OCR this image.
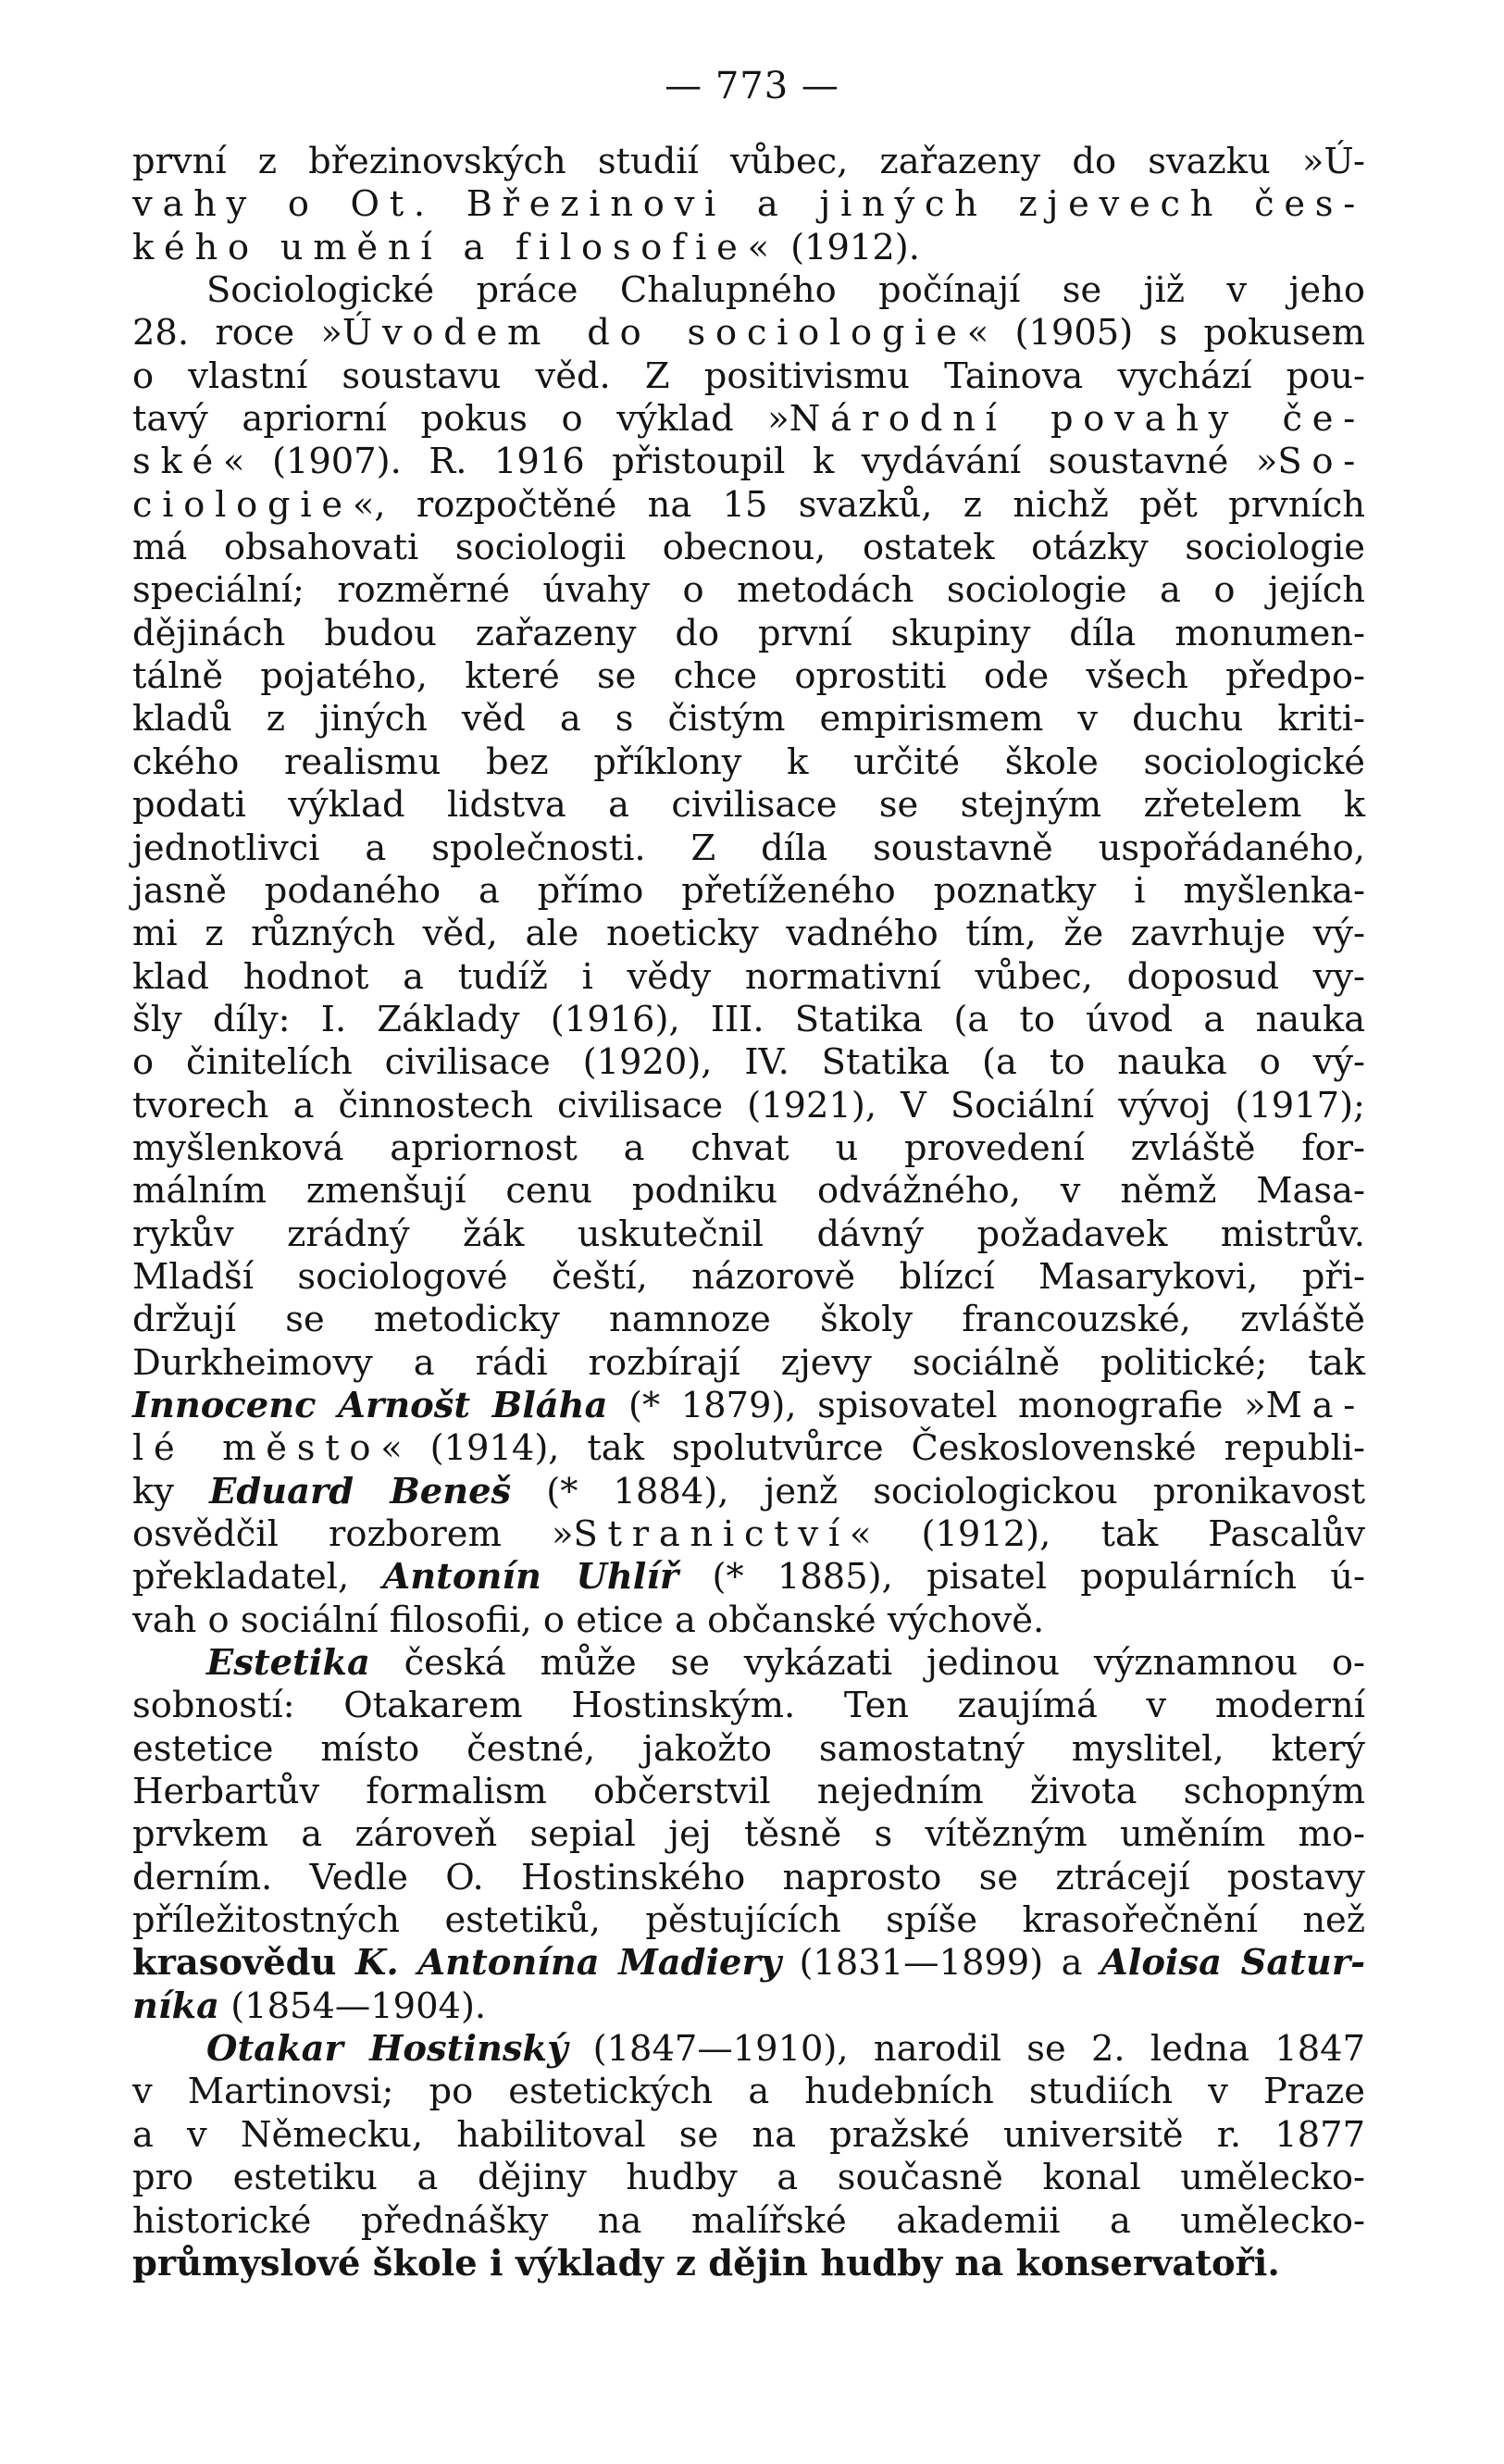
— 773 —
první z březinovských studií vůbec, zařazeny do svazku »Ú-
vahy o Ot. Březinovi a jiných zjevech čes-
kého umění a filosofie« (1912).
Sociologické práce Chalupného počínají se již v jeho
28. roce »Úvodem do sociologie« (1905) s pokusem
o vlastní soustavu věd. Z positivismu Tainova vychází pou-
tavý apriorní pokus o výklad »Národní povahy če-
ské« (1907). R. 1916 přistoupil k vydávání soustavné »So-
ciologie«, rozpočtěné na 15 svazků, z nichž pět prvních
má obsahovati sociologii obecnou, ostatek otázky sociologie
speciální; rozměrné úvahy o metodách sociologie a o jejích
dějinách budou zařazeny do první skupiny díla monumen-
tálně pojatého, které se chce oprostiti ode všech předpo-
kladů z jiných věd a s čistým empirismem v duchu kriti-
ckého realismu bez příklony k určité škole sociologické
podati výklad lidstva a civilisace se stejným zřetelem k
jednotlivci a společnosti. Z díla soustavně uspořádaného,
jasně podaného a přímo přetíženého poznatky i myšlenka-
mi z různých věd, ale noeticky vadného tím, že zavrhuje vý-
klad hodnot a tudíž i vědy normativní vůbec, doposud vy-
šly díly: I. Základy (1916), III. Statika (a to úvod a nauka
o činitelích civilisace (1920), IV. Statika (a to nauka o vý-
tvorech a činnostech civilisace (1921), V Sociální vývoj (1917);
myšlenková apriornost a chvat u provedení zvláště for-
málním zmenšují cenu podniku odvážného, v němž Masa-
rykův zrádný žák uskutečnil dávný požadavek mistrův.
Mladší sociologové čeští, názorově blízcí Masarykovi, při-
držují se metodicky namnoze školy francouzské, zvláště
Durkheimovy a rádi rozbírají zjevy sociálně politické; tak
Innocenc Arnošt Bláha (* 1879), spisovatel monografie »Ma-
lé město« (1914), tak spolutvůrce Československé republi-
ky Eduard Beneš (* 1884), jenž sociologickou pronikavost
osvědčil rozborem »Stranictví« (1912), tak Pascalův
překladatel, Antonín Uhlíř (* 1885), pisatel populárních ú-
vah o sociální filosofii, o etice a občanské výchově.
Estetika česká může se vykázati jedinou významnou o-
sobností: Otakarem Hostinským. Ten zaujímá v moderní
estetice místo čestné, jakožto samostatný myslitel, který
Herbartův formalism občerstvil nejedním života schopným
prvkem a zároveň sepial jej těsně s vítězným uměním mo-
derním. Vedle O. Hostinského naprosto se ztrácejí postavy
příležitostných estetiků, pěstujících spíše krasořečnění než
krasovědu K. Antonína Madiery (1831—1899) a Aloisa Satur-
níka (1854—1904).
Otakar Hostinský (1847—1910), narodil se 2. ledna 1847
v Martinovsi; po estetických a hudebních studiích v Praze
a v Německu, habilitoval se na pražské universitě r. 1877
pro estetiku a dějiny hudby a současně konal umělecko-
historické přednášky na malířské akademii a umělecko-
průmyslové škole i výklady z dějin hudby na konservatoři.
